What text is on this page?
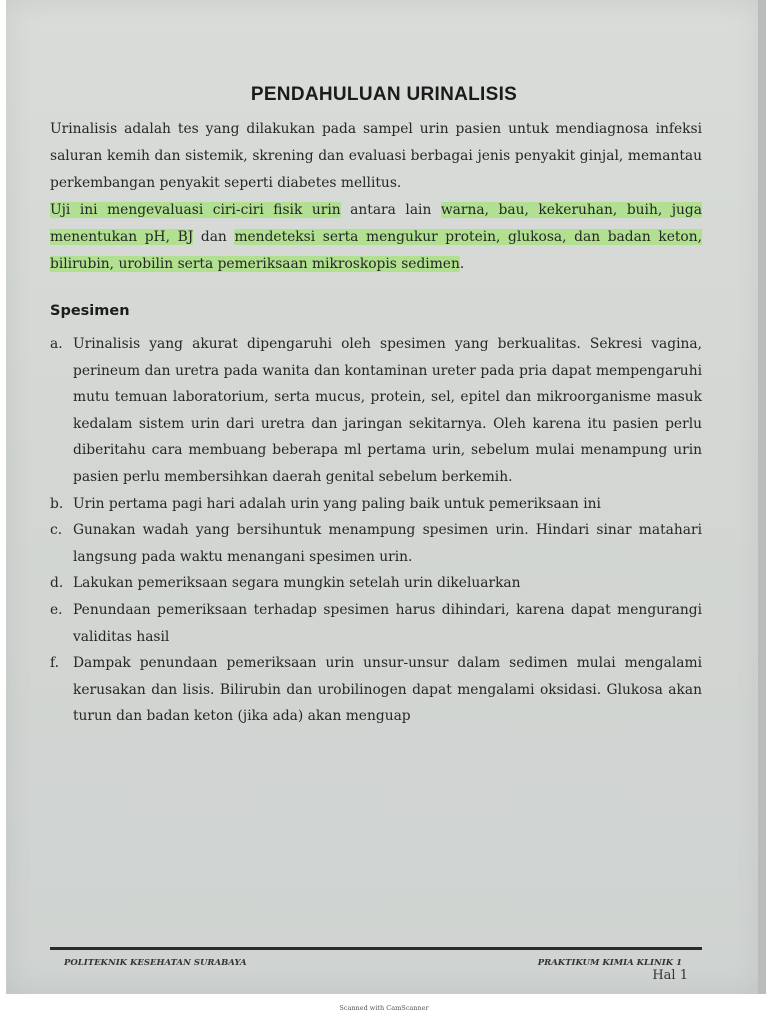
PENDAHULUAN URINALISIS

Urinalisis adalah tes yang dilakukan pada sampel urin pasien untuk mendiagnosa infeksi saluran kemih dan sistemik, skrening dan evaluasi berbagai jenis penyakit ginjal, memantau perkembangan penyakit seperti diabetes mellitus.

Uji ini mengevaluasi ciri-ciri fisik urin antara lain warna, bau, kekeruhan, buih, juga menentukan pH, BJ dan mendeteksi serta mengukur protein, glukosa, dan badan keton, bilirubin, urobilin serta pemeriksaan mikroskopis sedimen.

Spesimen
a. Urinalisis yang akurat dipengaruhi oleh spesimen yang berkualitas. Sekresi vagina, perineum dan uretra pada wanita dan kontaminan ureter pada pria dapat mempengaruhi mutu temuan laboratorium, serta mucus, protein, sel, epitel dan mikroorganisme masuk kedalam sistem urin dari uretra dan jaringan sekitarnya. Oleh karena itu pasien perlu diberitahu cara membuang beberapa ml pertama urin, sebelum mulai menampung urin pasien perlu membersihkan daerah genital sebelum berkemih.
b. Urin pertama pagi hari adalah urin yang paling baik untuk pemeriksaan ini
c. Gunakan wadah yang bersihuntuk menampung spesimen urin. Hindari sinar matahari langsung pada waktu menangani spesimen urin.
d. Lakukan pemeriksaan segara mungkin setelah urin dikeluarkan
e. Penundaan pemeriksaan terhadap spesimen harus dihindari, karena dapat mengurangi validitas hasil
f. Dampak penundaan pemeriksaan urin unsur-unsur dalam sedimen mulai mengalami kerusakan dan lisis. Bilirubin dan urobilinogen dapat mengalami oksidasi. Glukosa akan turun dan badan keton (jika ada) akan menguap
POLITEKNIK KESEHATAN SURABAYA	PRAKTIKUM KIMIA KLINIK 1
Hal 1
Scanned with CamScanner
